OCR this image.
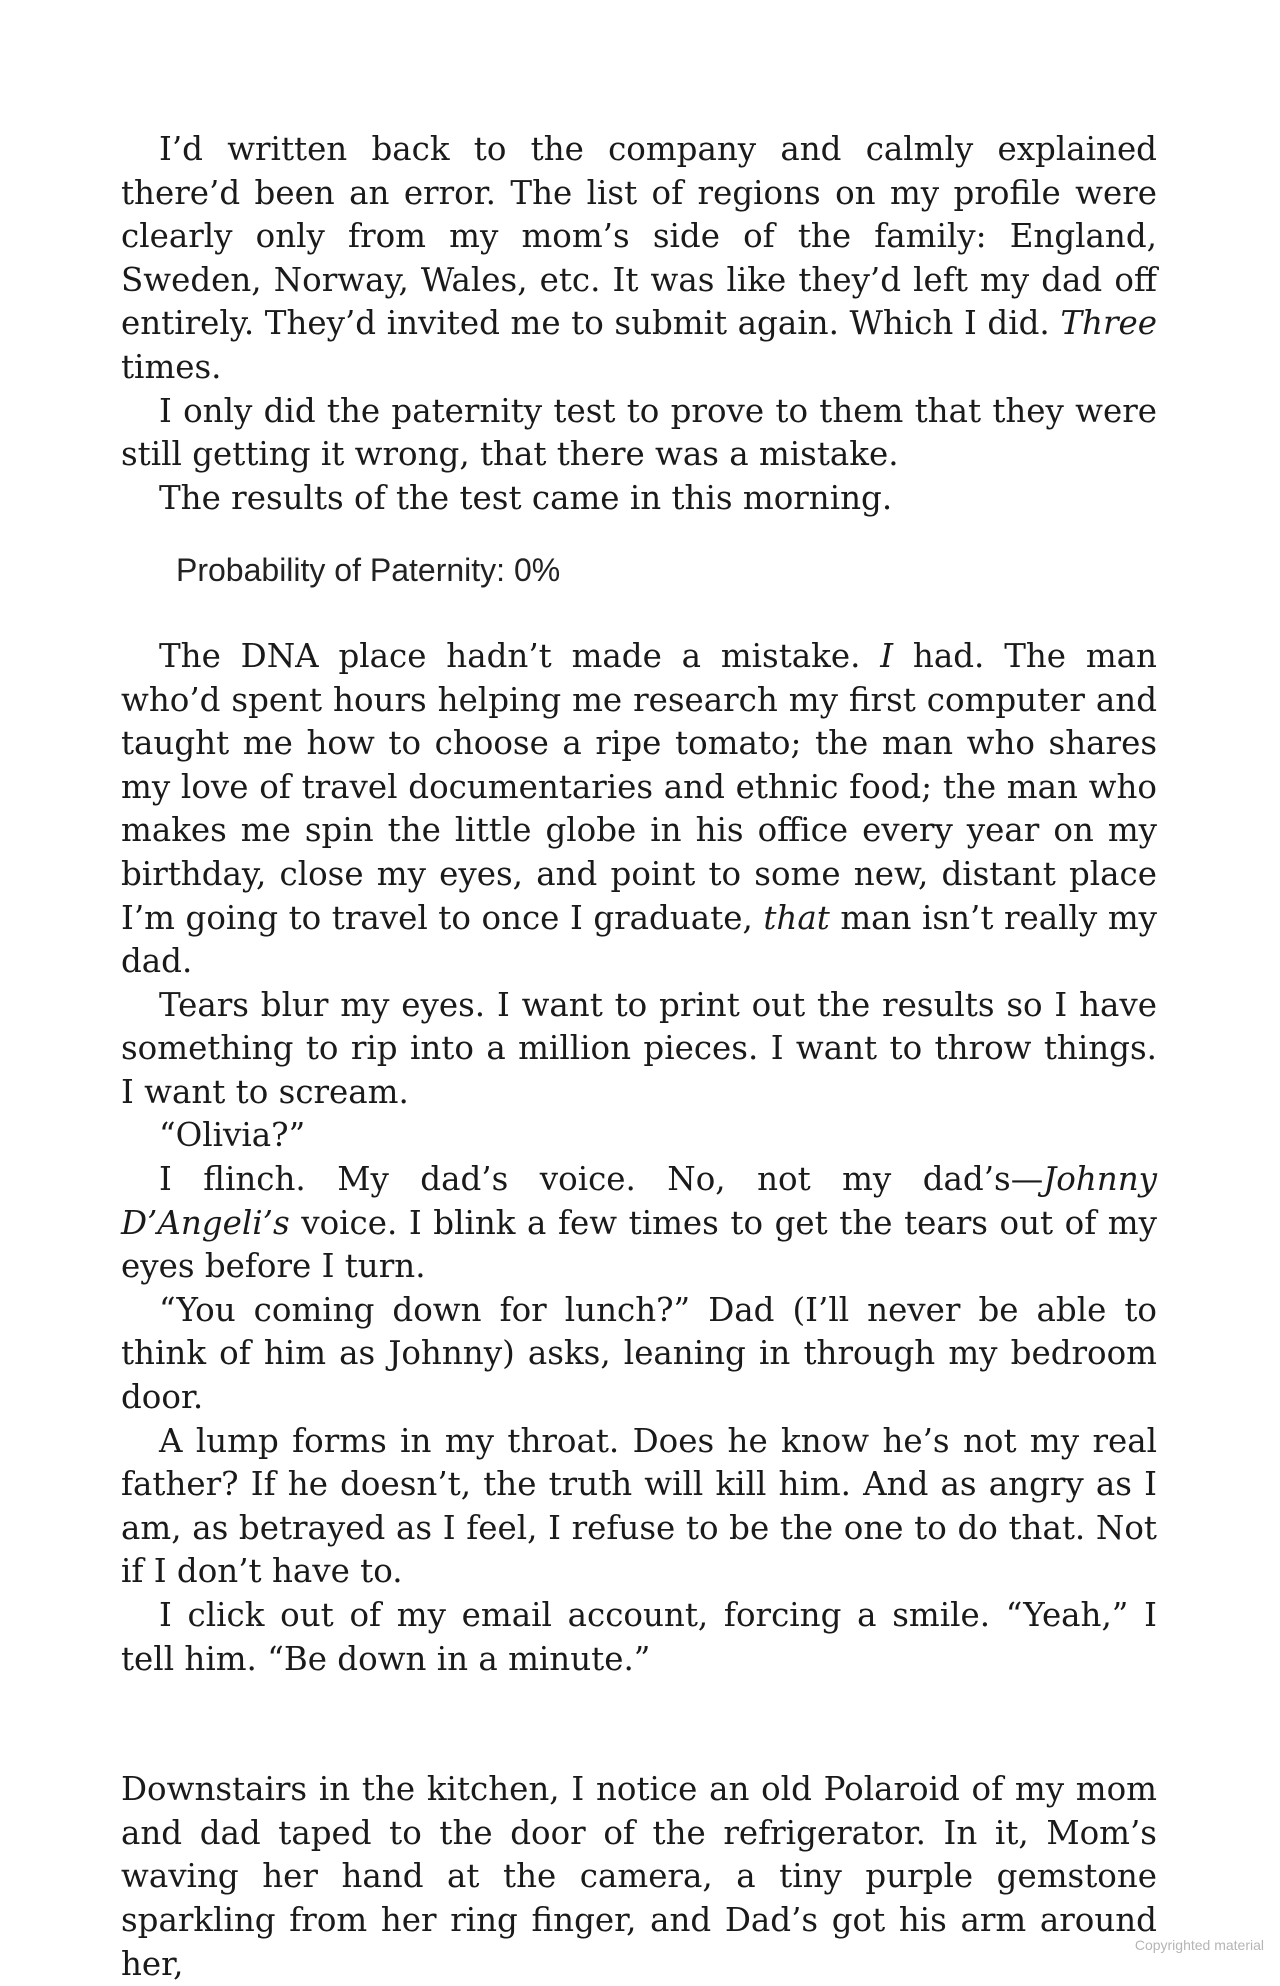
I’d written back to the company and calmly explained there’d been an error. The list of regions on my profile were clearly only from my mom’s side of the family: England, Sweden, Norway, Wales, etc. It was like they’d left my dad off entirely. They’d invited me to submit again. Which I did. Three times.

I only did the paternity test to prove to them that they were still getting it wrong, that there was a mistake.

The results of the test came in this morning.

Probability of Paternity: 0%

The DNA place hadn’t made a mistake. I had. The man who’d spent hours helping me research my first computer and taught me how to choose a ripe tomato; the man who shares my love of travel documentaries and ethnic food; the man who makes me spin the little globe in his office every year on my birthday, close my eyes, and point to some new, distant place I’m going to travel to once I graduate, that man isn’t really my dad.

Tears blur my eyes. I want to print out the results so I have something to rip into a million pieces. I want to throw things. I want to scream.

“Olivia?”

I flinch. My dad’s voice. No, not my dad’s—Johnny D’Angeli’s voice. I blink a few times to get the tears out of my eyes before I turn.

“You coming down for lunch?” Dad (I’ll never be able to think of him as Johnny) asks, leaning in through my bedroom door.

A lump forms in my throat. Does he know he’s not my real father? If he doesn’t, the truth will kill him. And as angry as I am, as betrayed as I feel, I refuse to be the one to do that. Not if I don’t have to.

I click out of my email account, forcing a smile. “Yeah,” I tell him. “Be down in a minute.”

Downstairs in the kitchen, I notice an old Polaroid of my mom and dad taped to the door of the refrigerator. In it, Mom’s waving her hand at the camera, a tiny purple gemstone sparkling from her ring finger, and Dad’s got his arm around her,	Copyrighted material
